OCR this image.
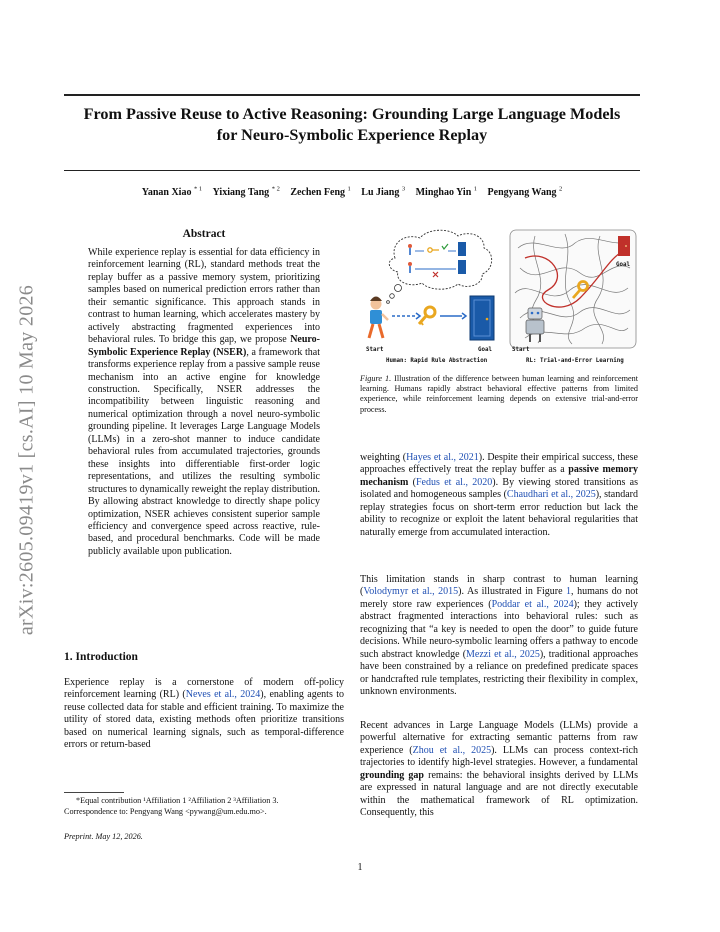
arXiv:2605.09419v1 [cs.AI] 10 May 2026
From Passive Reuse to Active Reasoning: Grounding Large Language Models
for Neuro-Symbolic Experience Replay
Yanan Xiao $^{* 1}$ Yixiang Tang $^{* 2}$ Zechen Feng $^1$ Lu Jiang $^3$ Minghao Yin $^1$ Pengyang Wang $^2$
Abstract

While experience replay is essential for data efficiency in reinforcement learning (RL), standard methods treat the replay buffer as a passive memory system, prioritizing samples based on numerical prediction errors rather than their semantic significance. This approach stands in contrast to human learning, which accelerates mastery by actively abstracting fragmented experiences into behavioral rules. To bridge this gap, we propose Neuro-Symbolic Experience Replay (NSER), a framework that transforms experience replay from a passive sample reuse mechanism into an active engine for knowledge construction. Specifically, NSER addresses the incompatibility between linguistic reasoning and numerical optimization through a novel neuro-symbolic grounding pipeline. It leverages Large Language Models (LLMs) in a zero-shot manner to induce candidate behavioral rules from accumulated trajectories, grounds these insights into differentiable first-order logic representations, and utilizes the resulting symbolic structures to dynamically reweight the replay distribution. By allowing abstract knowledge to directly shape policy optimization, NSER achieves consistent superior sample efficiency and convergence speed across reactive, rule-based, and procedural benchmarks. Code will be made publicly available upon publication.

1. Introduction

Experience replay is a cornerstone of modern off-policy reinforcement learning (RL) (Neves et al., 2024), enabling agents to reuse collected data for stable and efficient training. To maximize the utility of stored data, existing methods often prioritize transitions based on numerical learning signals, such as temporal-difference errors or return-based

*Equal contribution ¹Affiliation 1 ²Affiliation 2 ³Affiliation 3.
Correspondence to: Pengyang Wang <pywang@um.edu.mo>.

Preprint. May 12, 2026.

Start	Goal
Human: Rapid Rule Abstraction
Goal
Start
RL: Trial-and-Error Learning

Figure 1. Illustration of the difference between human learning and reinforcement learning. Humans rapidly abstract behavioral effective patterns from limited experience, while reinforcement learning depends on extensive trial-and-error process.

weighting (Hayes et al., 2021). Despite their empirical success, these approaches effectively treat the replay buffer as a passive memory mechanism (Fedus et al., 2020). By viewing stored transitions as isolated and homogeneous samples (Chaudhari et al., 2025), standard replay strategies focus on short-term error reduction but lack the ability to recognize or exploit the latent behavioral regularities that naturally emerge from accumulated interaction.

This limitation stands in sharp contrast to human learning (Volodymyr et al., 2015). As illustrated in Figure 1, humans do not merely store raw experiences (Poddar et al., 2024); they actively abstract fragmented interactions into behavioral rules: such as recognizing that “a key is needed to open the door” to guide future decisions. While neuro-symbolic learning offers a pathway to encode such abstract knowledge (Mezzi et al., 2025), traditional approaches have been constrained by a reliance on predefined predicate spaces or handcrafted rule templates, restricting their flexibility in complex, unknown environments.

Recent advances in Large Language Models (LLMs) provide a powerful alternative for extracting semantic patterns from raw experience (Zhou et al., 2025). LLMs can process context-rich trajectories to identify high-level strategies. However, a fundamental grounding gap remains: the behavioral insights derived by LLMs are expressed in natural language and are not directly executable within the mathematical framework of RL optimization. Consequently, this

1
